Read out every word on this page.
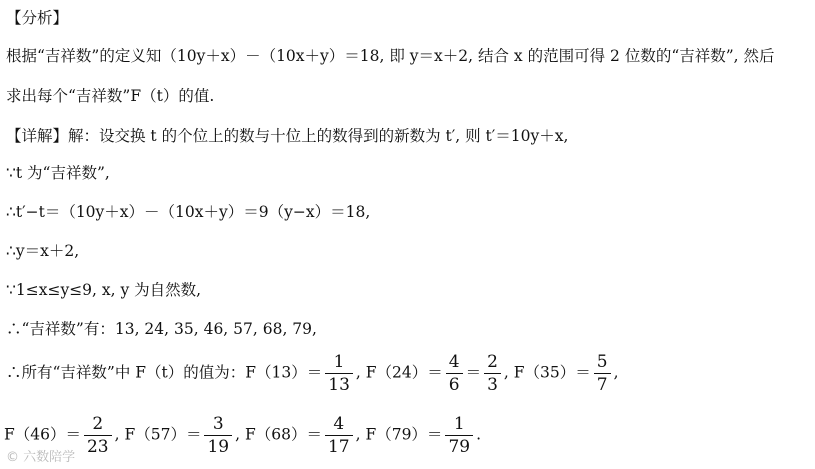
【分析】
根据“吉祥数”的定义知（10y＋x）－（10x＋y）＝18, 即 y＝x＋2, 结合 x 的范围可得 2 位数的“吉祥数”, 然后
求出每个“吉祥数”F（t）的值.
【详解】解：设交换 t 的个位上的数与十位上的数得到的新数为 t′, 则 t′＝10y＋x,
∵t 为“吉祥数”,
∴t′−t＝（10y＋x）－（10x＋y）＝9（y−x）＝18,
∴y＝x＋2,
∵1≤x≤y≤9, x, y 为自然数,
∴“吉祥数”有：13, 24, 35, 46, 57, 68, 79,
∴所有“吉祥数”中 F（t）的值为：$F(13)= \frac{1}{13}$ , $F(24)= \frac{4}{6} = \frac{2}{3}$ , $F(35)= \frac{5}{7}$ ,
$F(46)= \frac{2}{23}$ , $F(57)= \frac{3}{19}$ , $F(68)= \frac{4}{17}$ , $F(79)= \frac{1}{79}$ .
© 六数陪学
